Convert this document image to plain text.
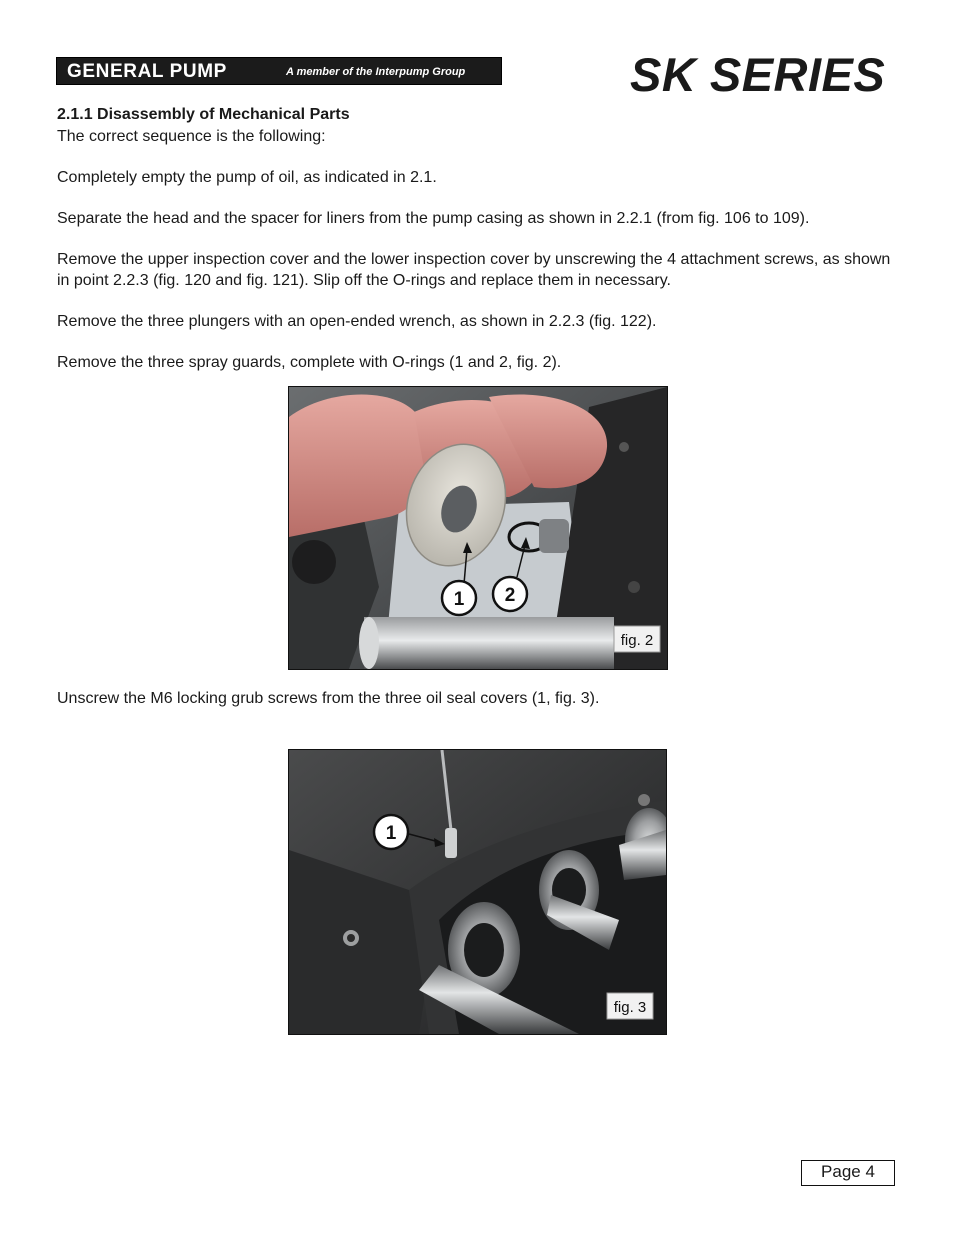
GENERAL PUMP	A member of the Interpump Group	SK SERIES
2.1.1 Disassembly of Mechanical Parts
The correct sequence is the following:
Completely empty the pump of oil, as indicated in 2.1.
Separate the head and the spacer for liners from the pump casing as shown in 2.2.1 (from fig. 106 to 109).
Remove the upper inspection cover and the lower inspection cover by unscrewing the 4 attachment screws, as shown in point 2.2.3 (fig. 120 and fig. 121). Slip off the O-rings and replace them in necessary.
Remove the three plungers with an open-ended wrench, as shown in 2.2.3 (fig. 122).
Remove the three spray guards, complete with O-rings (1 and 2, fig. 2).
1 2
fig. 2
Unscrew the M6 locking grub screws from the three oil seal covers (1, fig. 3).
1
fig. 3
Page 4
